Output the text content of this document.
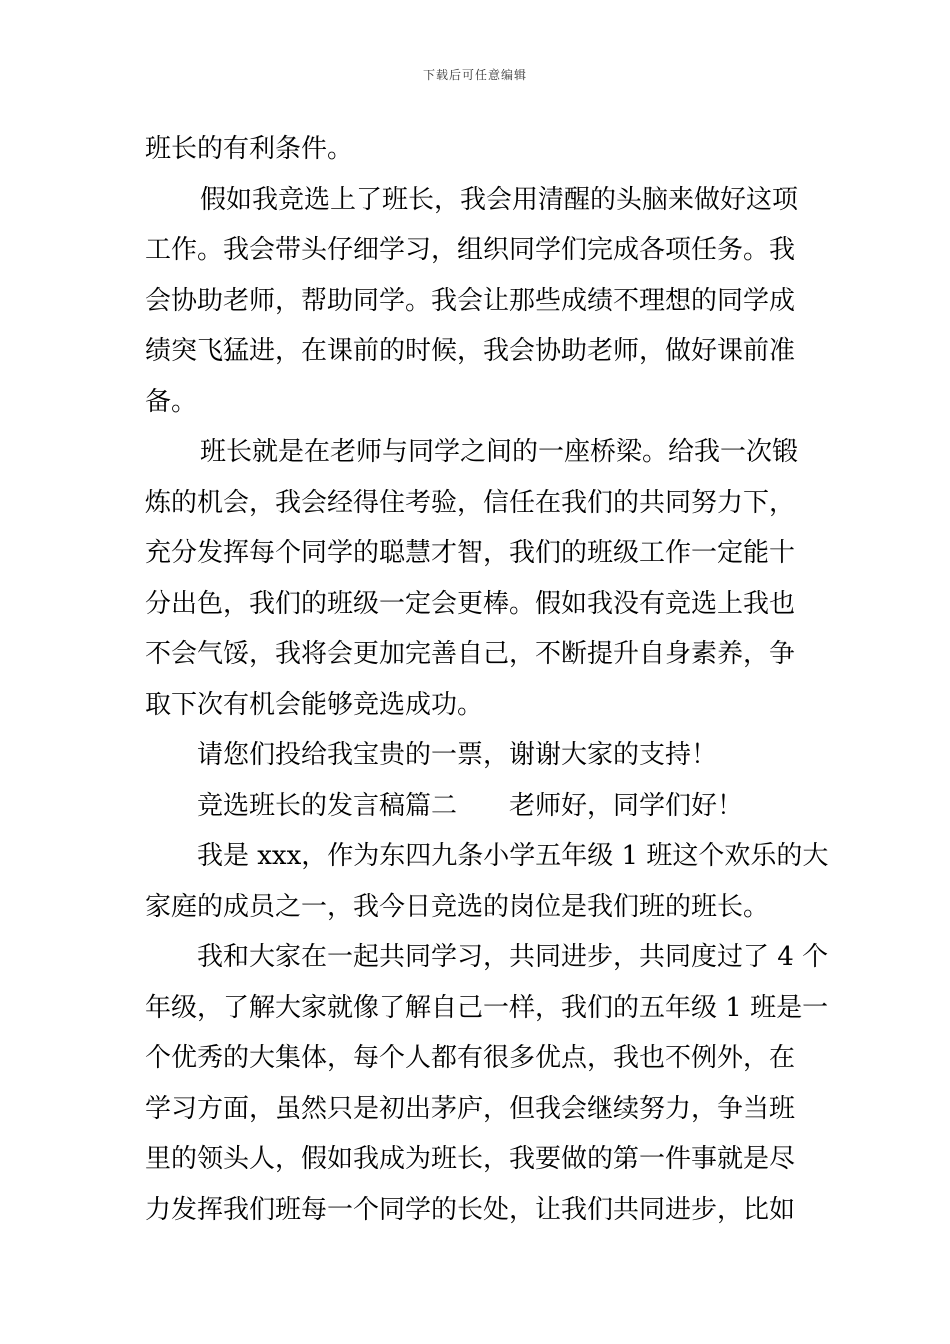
下载后可任意编辑
班长的有利条件。
假如我竞选上了班长，我会用清醒的头脑来做好这项
工作。我会带头仔细学习，组织同学们完成各项任务。我
会协助老师，帮助同学。我会让那些成绩不理想的同学成
绩突飞猛进，在课前的时候，我会协助老师，做好课前准
备。
班长就是在老师与同学之间的一座桥梁。给我一次锻
炼的机会，我会经得住考验，信任在我们的共同努力下，
充分发挥每个同学的聪慧才智，我们的班级工作一定能十
分出色，我们的班级一定会更棒。假如我没有竞选上我也
不会气馁，我将会更加完善自己，不断提升自身素养，争
取下次有机会能够竞选成功。
请您们投给我宝贵的一票，谢谢大家的支持！
竞选班长的发言稿篇二 老师好，同学们好！
我是 xxx，作为东四九条小学五年级 1 班这个欢乐的大
家庭的成员之一，我今日竞选的岗位是我们班的班长。
我和大家在一起共同学习，共同进步，共同度过了 4 个
年级，了解大家就像了解自己一样，我们的五年级 1 班是一
个优秀的大集体，每个人都有很多优点，我也不例外，在
学习方面，虽然只是初出茅庐，但我会继续努力，争当班
里的领头人，假如我成为班长，我要做的第一件事就是尽
力发挥我们班每一个同学的长处，让我们共同进步，比如
